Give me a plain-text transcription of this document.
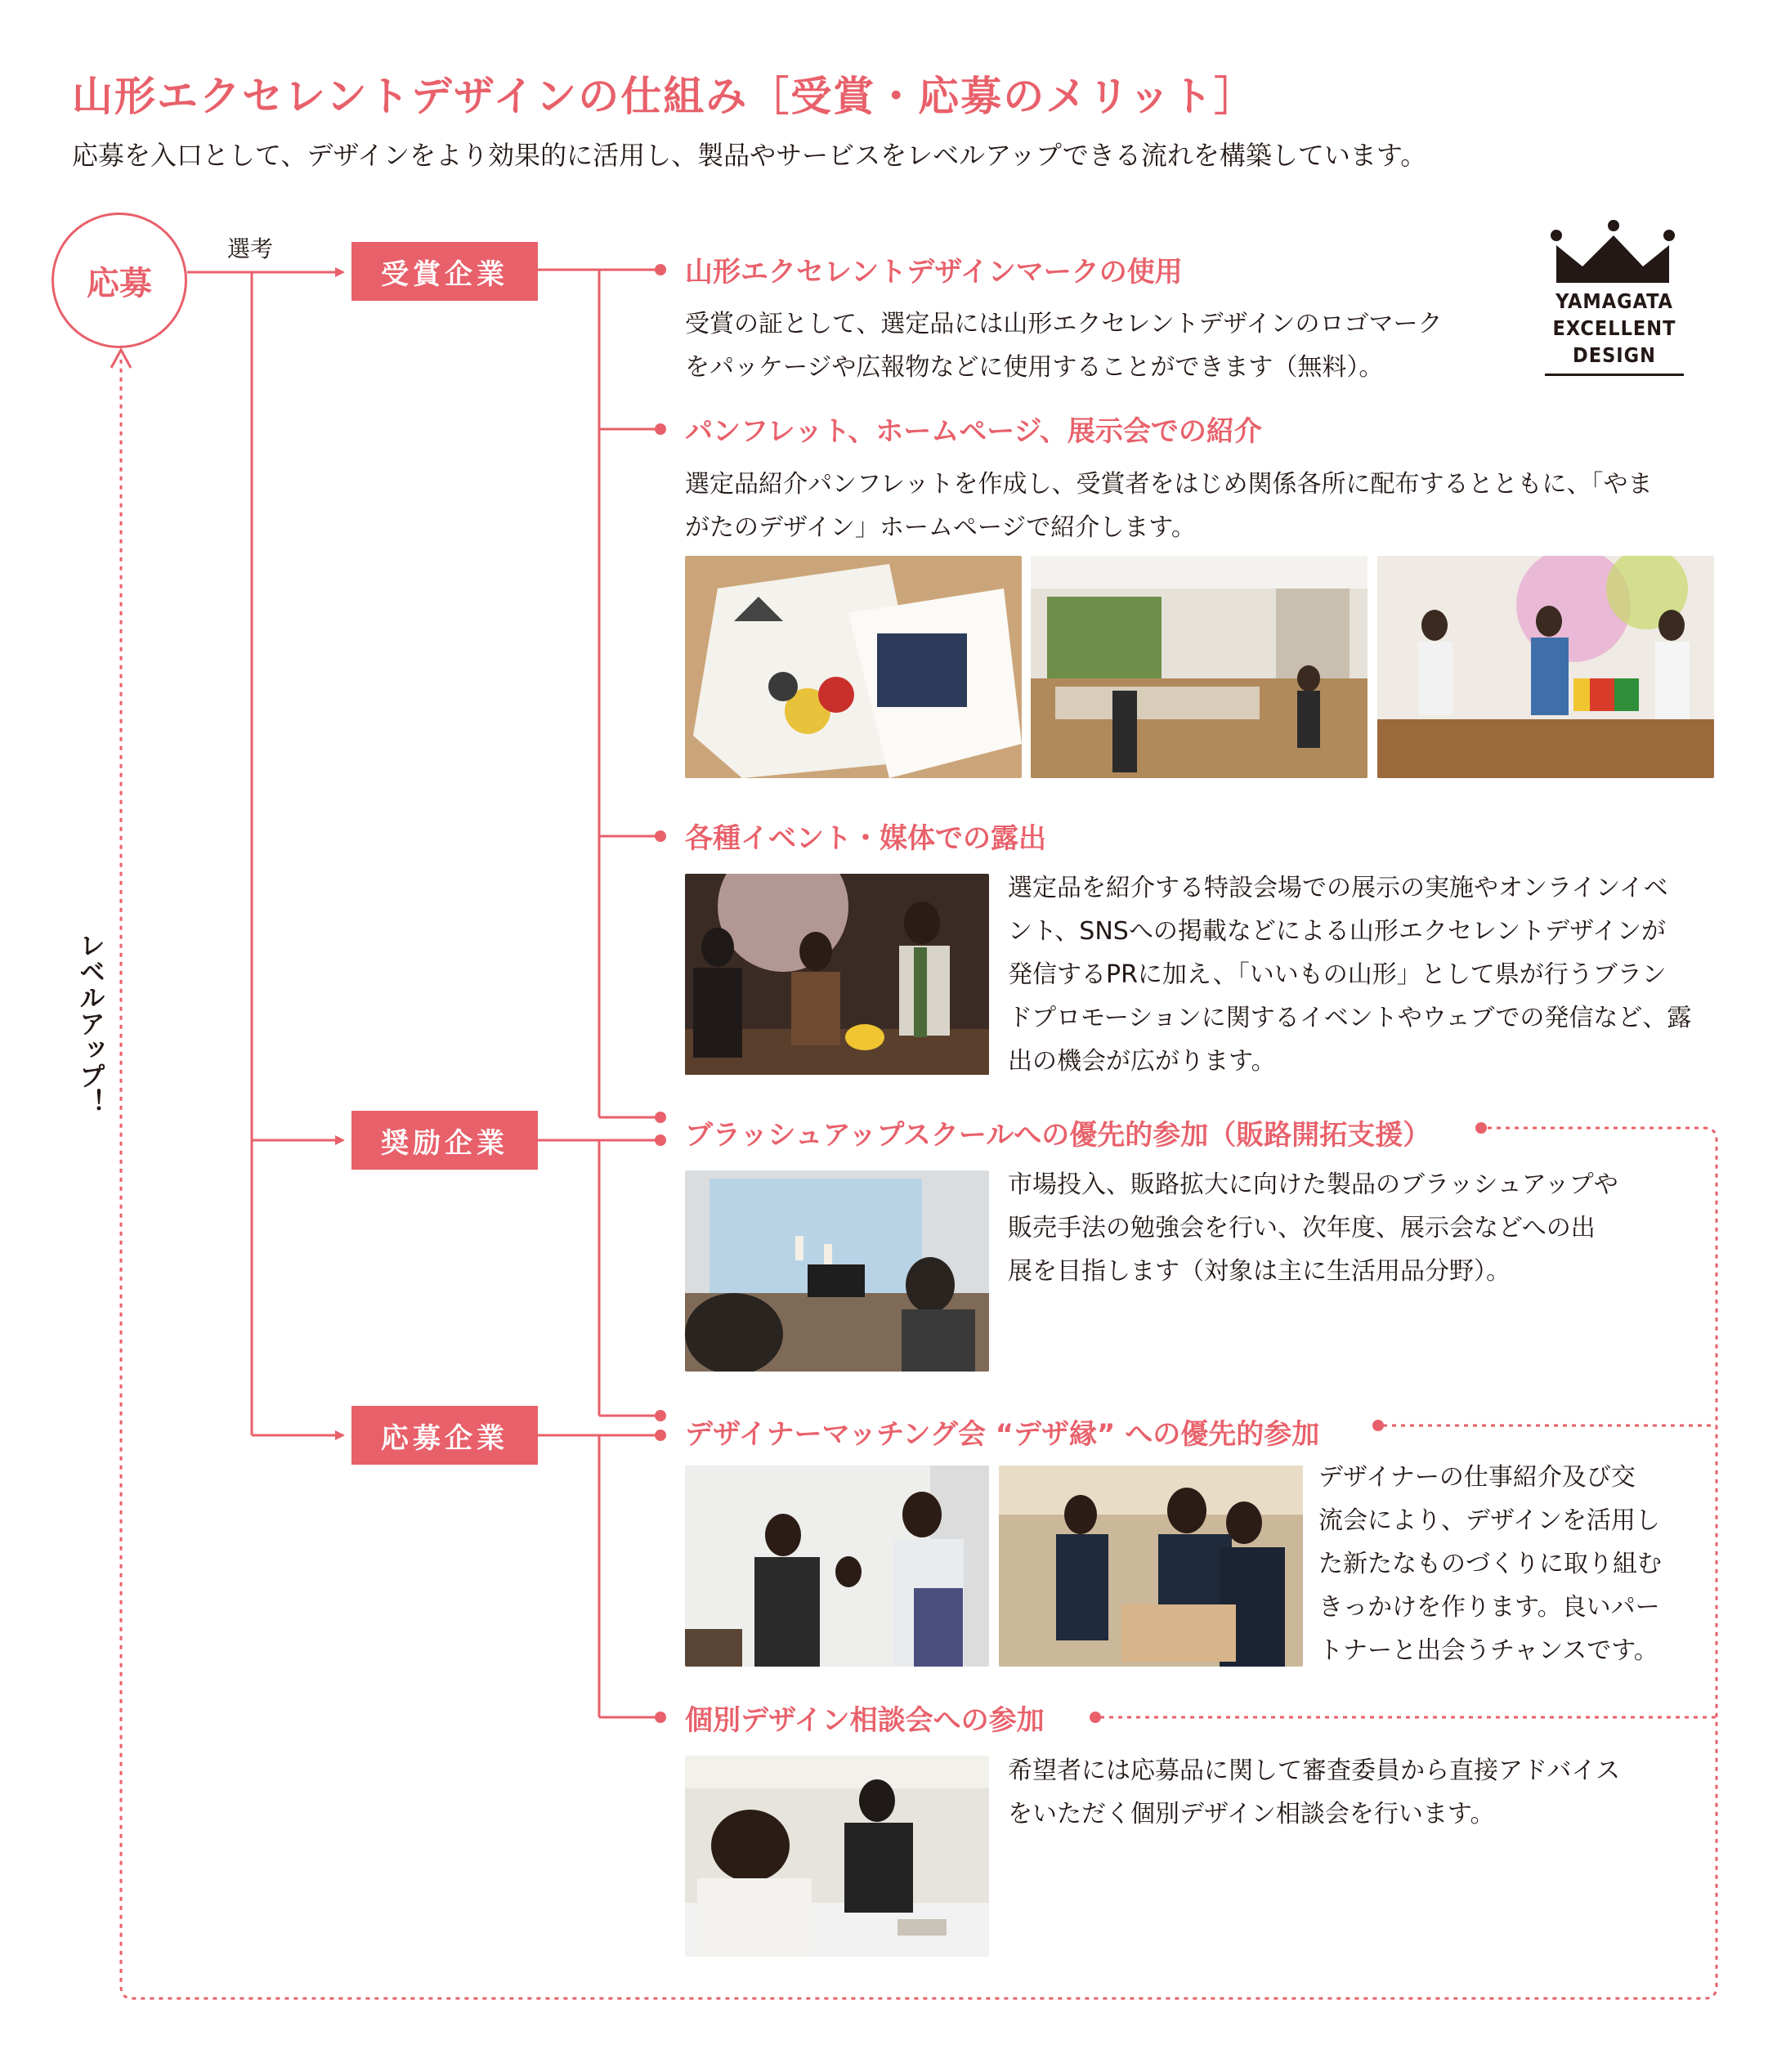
山形エクセレントデザインの仕組み［受賞・応募のメリット］
応募を入口として、デザインをより効果的に活用し、製品やサービスをレベルアップできる流れを構築しています。
応募
選考
レベルアップ！
受賞企業
奨励企業
応募企業
YAMAGATA
EXCELLENT
DESIGN
山形エクセレントデザインマークの使用
受賞の証として、選定品には山形エクセレントデザインのロゴマーク
をパッケージや広報物などに使用することができます（無料）。
パンフレット、ホームページ、展示会での紹介
選定品紹介パンフレットを作成し、受賞者をはじめ関係各所に配布するとともに、「やま
がたのデザイン」ホームページで紹介します。
各種イベント・媒体での露出
選定品を紹介する特設会場での展示の実施やオンラインイベ
ント、SNSへの掲載などによる山形エクセレントデザインが
発信するPRに加え、「いいもの山形」として県が行うブラン
ドプロモーションに関するイベントやウェブでの発信など、露
出の機会が広がります。
ブラッシュアップスクールへの優先的参加（販路開拓支援）
市場投入、販路拡大に向けた製品のブラッシュアップや
販売手法の勉強会を行い、次年度、展示会などへの出
展を目指します（対象は主に生活用品分野）。
デザイナーマッチング会 “デザ縁” への優先的参加
デザイナーの仕事紹介及び交
流会により、デザインを活用し
た新たなものづくりに取り組む
きっかけを作ります。良いパー
トナーと出会うチャンスです。
個別デザイン相談会への参加
希望者には応募品に関して審査委員から直接アドバイス
をいただく個別デザイン相談会を行います。
